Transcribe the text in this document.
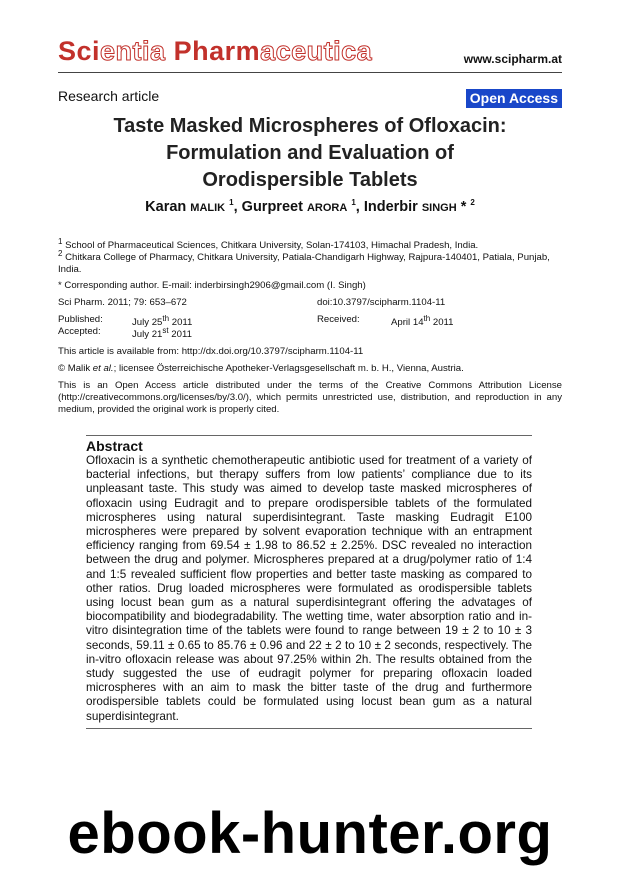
Scientia Pharmaceutica	www.scipharm.at
Research article	Open Access
Taste Masked Microspheres of Ofloxacin:
Formulation and Evaluation of
Orodispersible Tablets
Karan MALIK $^1$, Gurpreet ARORA $^1$, Inderbir SINGH * $^2$
$^1$ School of Pharmaceutical Sciences, Chitkara University, Solan-174103, Himachal Pradesh, India.
$^2$ Chitkara College of Pharmacy, Chitkara University, Patiala-Chandigarh Highway, Rajpura-140401, Patiala, Punjab, India.
* Corresponding author. E-mail: inderbirsingh2906@gmail.com (I. Singh)
Sci Pharm. 2011; 79: 653–672	doi:10.3797/scipharm.1104-11
Published:	July 25th 2011	Received:	April 14th 2011
Accepted:	July 21st 2011
This article is available from: http://dx.doi.org/10.3797/scipharm.1104-11
© Malik et al.; licensee Österreichische Apotheker-Verlagsgesellschaft m. b. H., Vienna, Austria.
This is an Open Access article distributed under the terms of the Creative Commons Attribution License (http://creativecommons.org/licenses/by/3.0/), which permits unrestricted use, distribution, and reproduction in any medium, provided the original work is properly cited.
Abstract
Ofloxacin is a synthetic chemotherapeutic antibiotic used for treatment of a variety of bacterial infections, but therapy suffers from low patients’ compliance due to its unpleasant taste. This study was aimed to develop taste masked microspheres of ofloxacin using Eudragit and to prepare orodispersible tablets of the formulated microspheres using natural superdisintegrant. Taste masking Eudragit E100 microspheres were prepared by solvent evaporation technique with an entrapment efficiency ranging from 69.54 ± 1.98 to 86.52 ± 2.25%. DSC revealed no interaction between the drug and polymer. Microspheres prepared at a drug/polymer ratio of 1:4 and 1:5 revealed sufficient flow properties and better taste masking as compared to other ratios. Drug loaded microspheres were formulated as orodispersible tablets using locust bean gum as a natural superdisintegrant offering the advatages of biocompatibility and biodegradability. The wetting time, water absorption ratio and in-vitro disintegration time of the tablets were found to range between 19 ± 2 to 10 ± 3 seconds, 59.11 ± 0.65 to 85.76 ± 0.96 and 22 ± 2 to 10 ± 2 seconds, respectively. The in-vitro ofloxacin release was about 97.25% within 2h. The results obtained from the study suggested the use of eudragit polymer for preparing ofloxacin loaded microspheres with an aim to mask the bitter taste of the drug and furthermore orodispersible tablets could be formulated using locust bean gum as a natural superdisintegrant.
ebook-hunter.org
